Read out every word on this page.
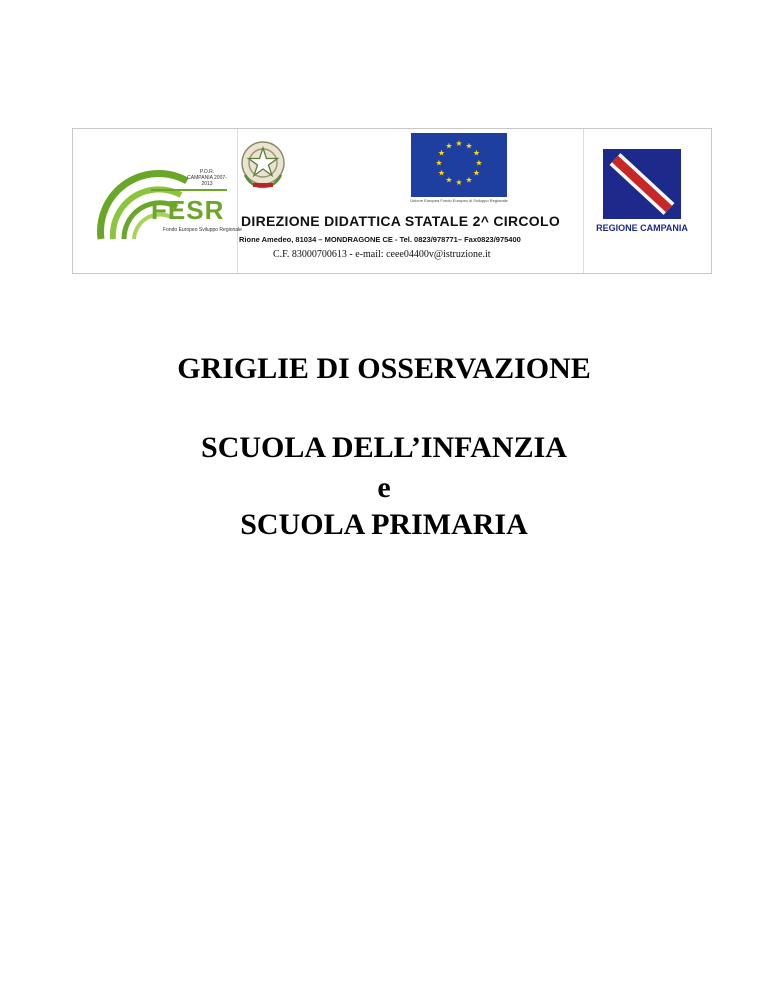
P.O.R. CAMPANIA 2007-2013
FESR
Fondo Europeo Sviluppo Regionale
★ ★
★
★
★
★
★
★
★
★
★
★
Unione Europea Fondo Europeo di Sviluppo Regionale
REGIONE CAMPANIA
DIREZIONE DIDATTICA STATALE 2^ CIRCOLO
Rione Amedeo, 81034 – MONDRAGONE CE - Tel. 0823/978771– Fax0823/975400
C.F. 83000700613 - e-mail: ceee04400v@istruzione.it
GRIGLIE DI OSSERVAZIONE
SCUOLA DELL’INFANZIA
e
SCUOLA PRIMARIA
